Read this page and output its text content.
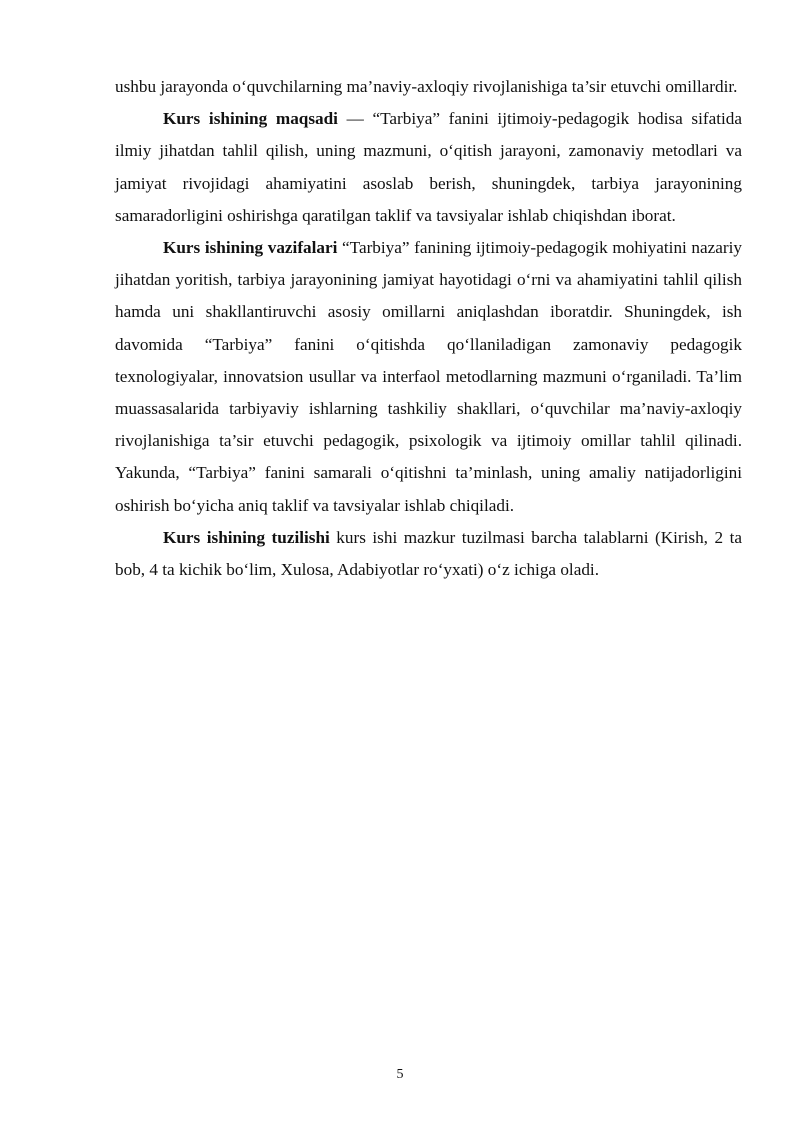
ushbu jarayonda o‘quvchilarning ma’naviy-axloqiy rivojlanishiga ta’sir etuvchi omillardir.

Kurs ishining maqsadi — “Tarbiya” fanini ijtimoiy-pedagogik hodisa sifatida ilmiy jihatdan tahlil qilish, uning mazmuni, o‘qitish jarayoni, zamonaviy metodlari va jamiyat rivojidagi ahamiyatini asoslab berish, shuningdek, tarbiya jarayonining samaradorligini oshirishga qaratilgan taklif va tavsiyalar ishlab chiqishdan iborat.

Kurs ishining vazifalari “Tarbiya” fanining ijtimoiy-pedagogik mohiyatini nazariy jihatdan yoritish, tarbiya jarayonining jamiyat hayotidagi o‘rni va ahamiyatini tahlil qilish hamda uni shakllantiruvchi asosiy omillarni aniqlashdan iboratdir. Shuningdek, ish davomida “Tarbiya” fanini o‘qitishda qo‘llaniladigan zamonaviy pedagogik texnologiyalar, innovatsion usullar va interfaol metodlarning mazmuni o‘rganiladi. Ta’lim muassasalarida tarbiyaviy ishlarning tashkiliy shakllari, o‘quvchilar ma’naviy-axloqiy rivojlanishiga ta’sir etuvchi pedagogik, psixologik va ijtimoiy omillar tahlil qilinadi. Yakunda, “Tarbiya” fanini samarali o‘qitishni ta’minlash, uning amaliy natijadorligini oshirish bo‘yicha aniq taklif va tavsiyalar ishlab chiqiladi.

Kurs ishining tuzilishi kurs ishi mazkur tuzilmasi barcha talablarni (Kirish, 2 ta bob, 4 ta kichik bo‘lim, Xulosa, Adabiyotlar ro‘yxati) o‘z ichiga oladi.

5
